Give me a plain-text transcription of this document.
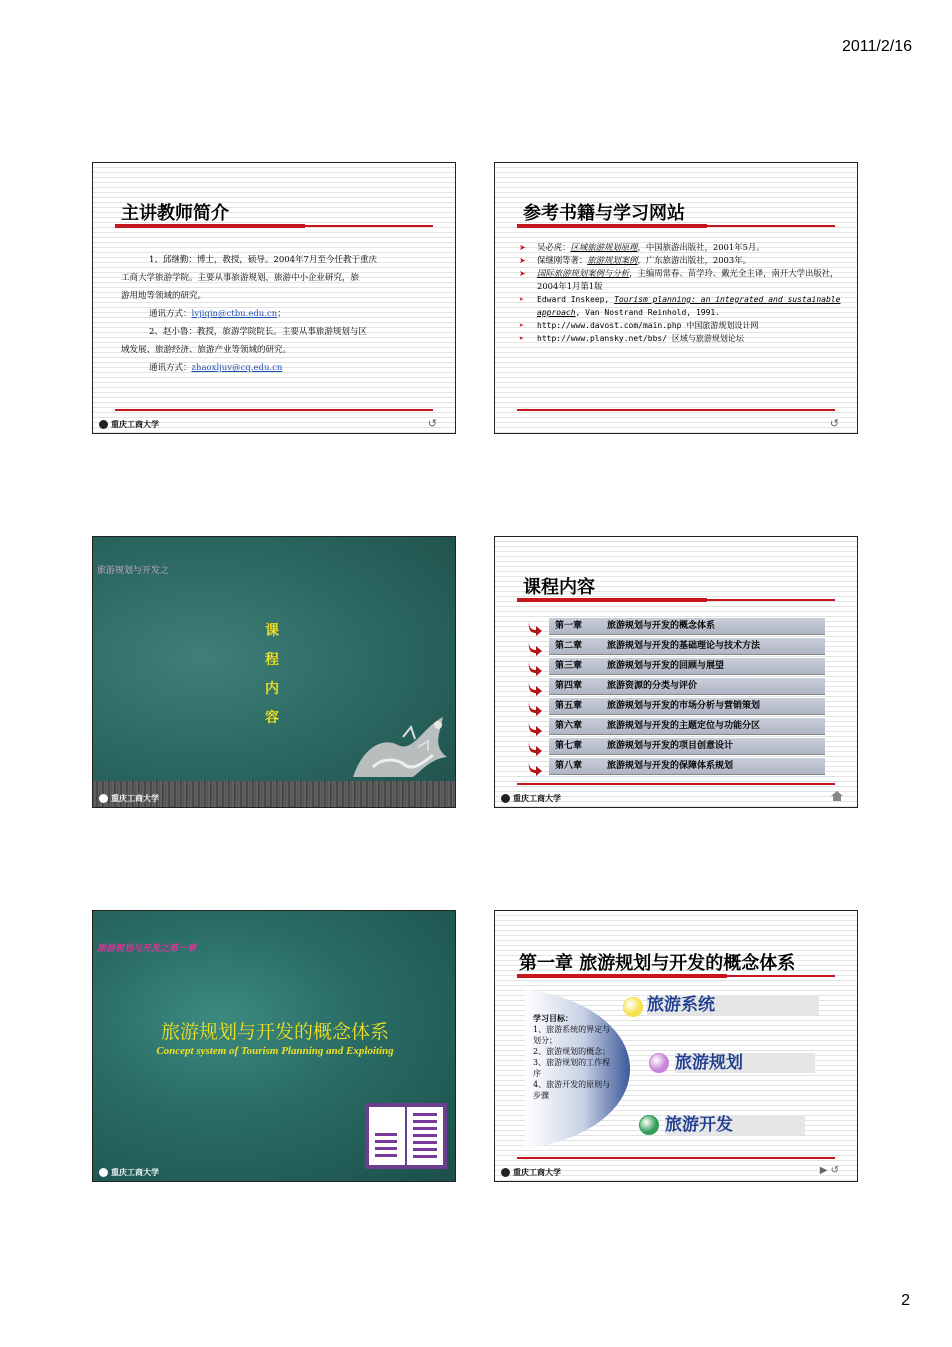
2011/2/16
主讲教师简介
1、邱继勤：博士，教授，硕导。2004年7月至今任教于重庆
工商大学旅游学院。主要从事旅游规划，旅游中小企业研究，旅
游用地等领域的研究。
通讯方式：lvjiqin@ctbu.edu.cn；
2、赵小鲁：教授，旅游学院院长。主要从事旅游规划与区
域发展、旅游经济、旅游产业等领域的研究。
通讯方式：zhaoxljuv@cq.edu.cn
重庆工商大学	↺
参考书籍与学习网站
➤ 吴必虎：区域旅游规划原理，中国旅游出版社，2001年5月。
➤ 保继刚等著：旅游规划案例，广东旅游出版社，2003年。
➤ 国际旅游规划案例与分析，主编周常春、苗学玲、戴光全主译，南开大学出版社，2004年1月第1版
➤ Edward Inskeep, Tourism planning: an integrated and sustainable approach, Van Nostrand Reinhold, 1991.
➤ http://www.davost.com/main.php 中国旅游规划设计网
➤ http://www.plansky.net/bbs/ 区域与旅游规划论坛
↺
旅游规划与开发之
课
程
内
容
重庆工商大学
课程内容
第一章	旅游规划与开发的概念体系
第二章	旅游规划与开发的基础理论与技术方法
第三章	旅游规划与开发的回顾与展望
第四章	旅游资源的分类与评价
第五章	旅游规划与开发的市场分析与营销策划
第六章	旅游规划与开发的主题定位与功能分区
第七章	旅游规划与开发的项目创意设计
第八章	旅游规划与开发的保障体系规划
重庆工商大学
旅游规划与开发之第一章
旅游规划与开发的概念体系
Concept system of Tourism Planning and Exploiting
重庆工商大学
第一章 旅游规划与开发的概念体系
学习目标：
1、旅游系统的界定与划分；
2、旅游规划的概念；
3、旅游规划的工作程序
4、旅游开发的原则与步骤
旅游系统
旅游规划
旅游开发
重庆工商大学	▶ ↺
2
